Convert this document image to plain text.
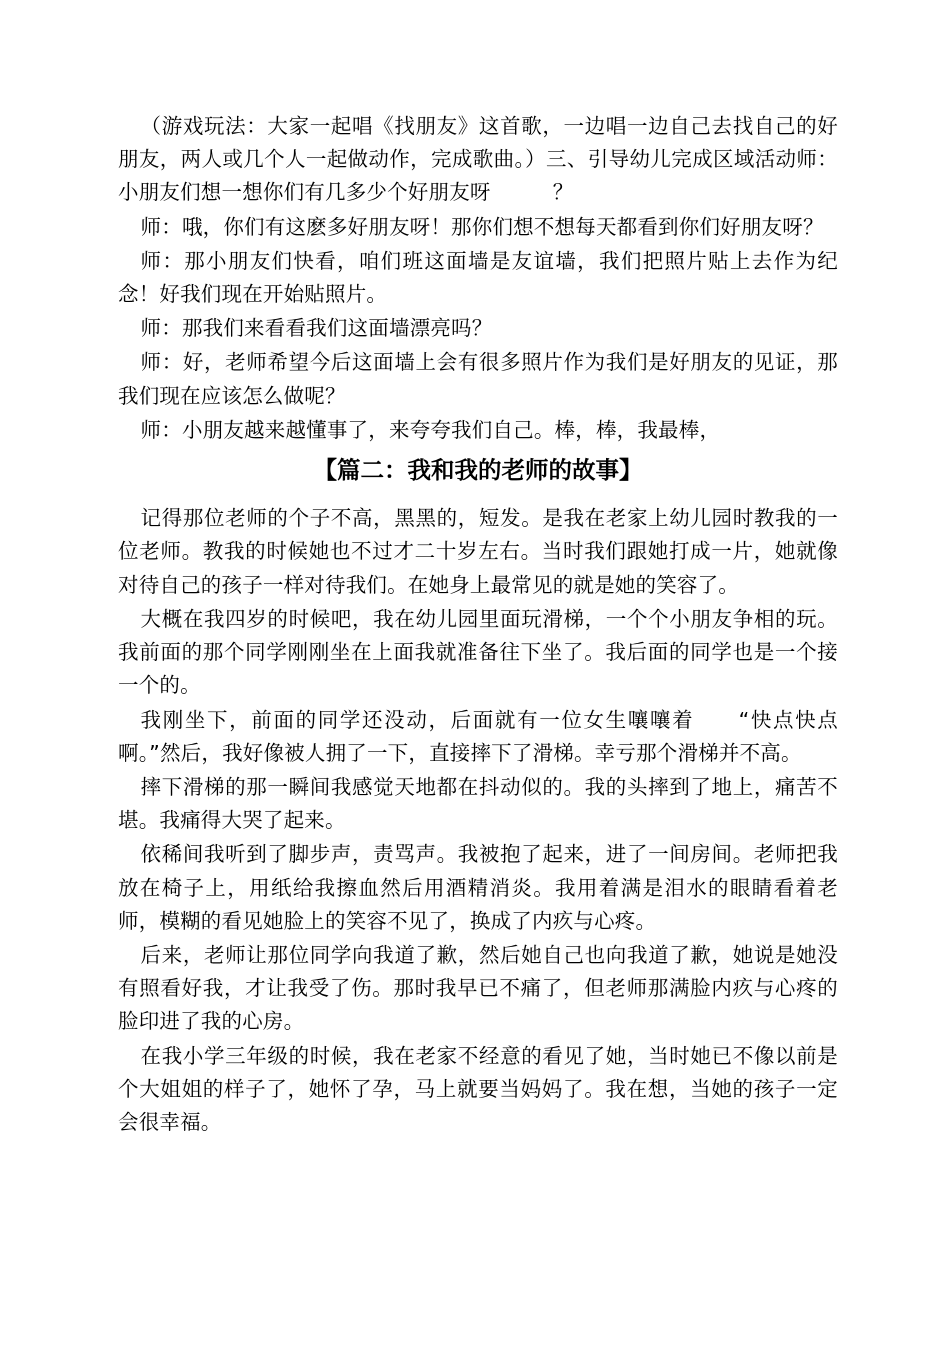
（游戏玩法：大家一起唱《找朋友》这首歌，一边唱一边自己去找自己的好朋友，两人或几个人一起做动作，完成歌曲。）三、引导幼儿完成区域活动师：小朋友们想一想你们有几多少个好朋友呀　　　？

师：哦，你们有这麽多好朋友呀！那你们想不想每天都看到你们好朋友呀？

师：那小朋友们快看，咱们班这面墙是友谊墙，我们把照片贴上去作为纪念！好我们现在开始贴照片。

师：那我们来看看我们这面墙漂亮吗？

师：好，老师希望今后这面墙上会有很多照片作为我们是好朋友的见证，那我们现在应该怎么做呢？

师：小朋友越来越懂事了，来夸夸我们自己。棒，棒，我最棒，

【篇二：我和我的老师的故事】

记得那位老师的个子不高，黑黑的，短发。是我在老家上幼儿园时教我的一位老师。教我的时候她也不过才二十岁左右。当时我们跟她打成一片，她就像对待自己的孩子一样对待我们。在她身上最常见的就是她的笑容了。

大概在我四岁的时候吧，我在幼儿园里面玩滑梯，一个个小朋友争相的玩。我前面的那个同学刚刚坐在上面我就准备往下坐了。我后面的同学也是一个接一个的。

我刚坐下，前面的同学还没动，后面就有一位女生嚷嚷着　　“快点快点啊。”然后，我好像被人拥了一下，直接摔下了滑梯。幸亏那个滑梯并不高。

摔下滑梯的那一瞬间我感觉天地都在抖动似的。我的头摔到了地上，痛苦不堪。我痛得大哭了起来。

依稀间我听到了脚步声，责骂声。我被抱了起来，进了一间房间。老师把我放在椅子上，用纸给我擦血然后用酒精消炎。我用着满是泪水的眼睛看着老师，模糊的看见她脸上的笑容不见了，换成了内疚与心疼。

后来，老师让那位同学向我道了歉，然后她自己也向我道了歉，她说是她没有照看好我，才让我受了伤。那时我早已不痛了，但老师那满脸内疚与心疼的脸印进了我的心房。

在我小学三年级的时候，我在老家不经意的看见了她，当时她已不像以前是个大姐姐的样子了，她怀了孕，马上就要当妈妈了。我在想，当她的孩子一定会很幸福。
